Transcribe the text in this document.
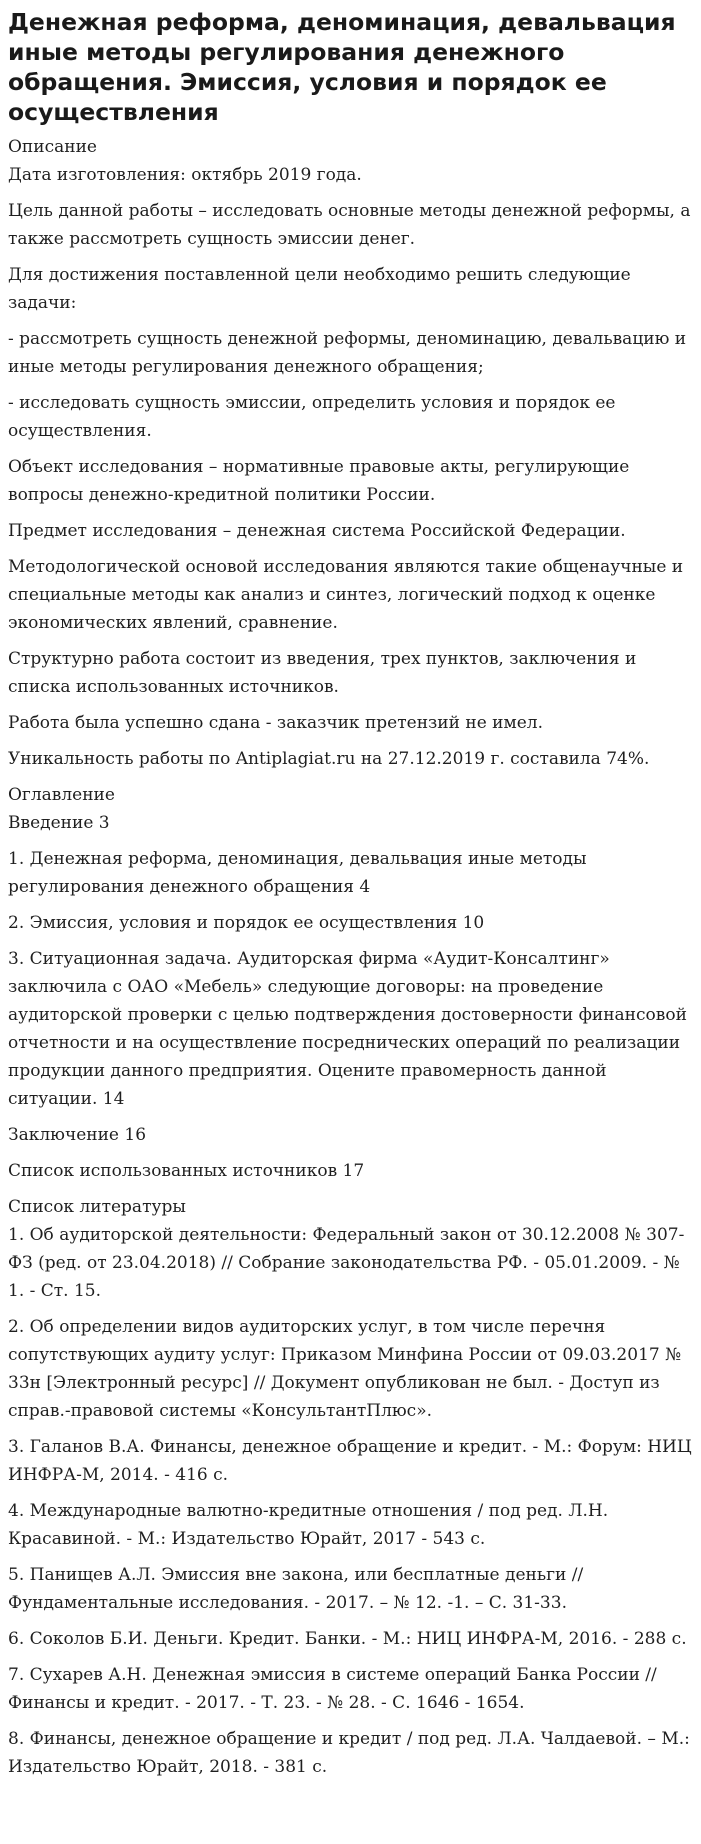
Денежная реформа, деноминация, девальвация иные методы регулирования денежного обращения. Эмиссия, условия и порядок ее осуществления
Описание

Дата изготовления: октябрь 2019 года.

Цель данной работы – исследовать основные методы денежной реформы, а также рассмотреть сущность эмиссии денег.

Для достижения поставленной цели необходимо решить следующие задачи:

- рассмотреть сущность денежной реформы, деноминацию, девальвацию и иные методы регулирования денежного обращения;

- исследовать сущность эмиссии, определить условия и порядок ее осуществления.

Объект исследования – нормативные правовые акты, регулирующие вопросы денежно-кредитной политики России.

Предмет исследования – денежная система Российской Федерации.

Методологической основой исследования являются такие общенаучные и специальные методы как анализ и синтез, логический подход к оценке экономических явлений, сравнение.

Структурно работа состоит из введения, трех пунктов, заключения и списка использованных источников.

Работа была успешно сдана - заказчик претензий не имел.

Уникальность работы по Antiplagiat.ru на 27.12.2019 г. составила 74%.

Оглавление

Введение 3

1. Денежная реформа, деноминация, девальвация иные методы регулирования денежного обращения 4

2. Эмиссия, условия и порядок ее осуществления 10

3. Ситуационная задача. Аудиторская фирма «Аудит-Консалтинг» заключила с ОАО «Мебель» следующие договоры: на проведение аудиторской проверки с целью подтверждения достоверности финансовой отчетности и на осуществление посреднических операций по реализации продукции данного предприятия. Оцените правомерность данной ситуации. 14

Заключение 16

Список использованных источников 17

Список литературы

1. Об аудиторской деятельности: Федеральный закон от 30.12.2008 № 307-ФЗ (ред. от 23.04.2018) // Собрание законодательства РФ. - 05.01.2009. - № 1. - Ст. 15.

2. Об определении видов аудиторских услуг, в том числе перечня сопутствующих аудиту услуг: Приказом Минфина России от 09.03.2017 № 33н [Электронный ресурс] // Документ опубликован не был. - Доступ из справ.-правовой системы «КонсультантПлюс».

3. Галанов В.А. Финансы, денежное обращение и кредит. - М.: Форум: НИЦ ИНФРА-М, 2014. - 416 с.

4. Международные валютно-кредитные отношения / под ред. Л.Н. Красавиной. - М.: Издательство Юрайт, 2017 - 543 с.

5. Панищев А.Л. Эмиссия вне закона, или бесплатные деньги // Фундаментальные исследования. - 2017. – № 12. -1. – С. 31-33.

6. Соколов Б.И. Деньги. Кредит. Банки. - М.: НИЦ ИНФРА-М, 2016. - 288 с.

7. Сухарев А.Н. Денежная эмиссия в системе операций Банка России // Финансы и кредит. - 2017. - Т. 23. - № 28. - С. 1646 - 1654.

8. Финансы, денежное обращение и кредит / под ред. Л.А. Чалдаевой. – М.: Издательство Юрайт, 2018. - 381 с.
